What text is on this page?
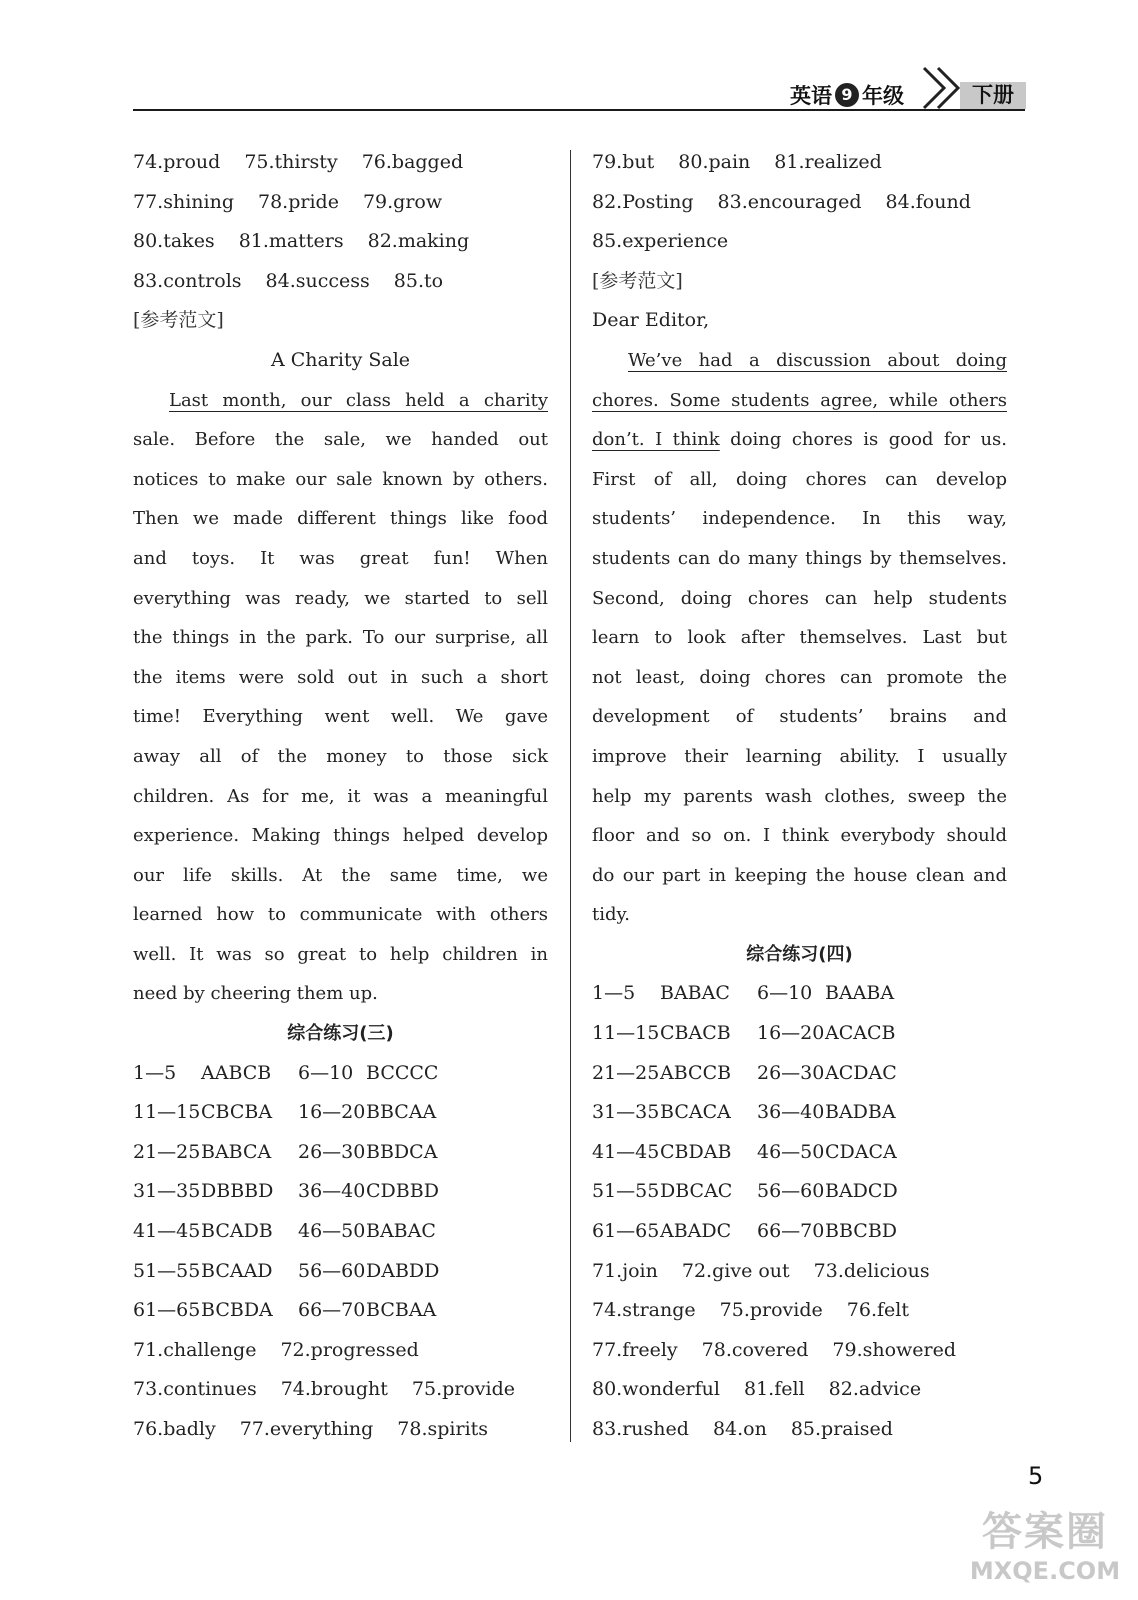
英语 9 年级	下册
74.proud 75.thirsty 76.bagged
77.shining 78.pride 79.grow
80.takes 81.matters 82.making
83.controls 84.success 85.to
[参考范文]
A Charity Sale

Last month, our class held a charity

sale. Before the sale, we handed out

notices to make our sale known by others.

Then we made different things like food

and toys. It was great fun! When

everything was ready, we started to sell

the things in the park. To our surprise, all

the items were sold out in such a short

time! Everything went well. We gave

away all of the money to those sick

children. As for me, it was a meaningful

experience. Making things helped develop

our life skills. At the same time, we

learned how to communicate with others

well. It was so great to help children in

need by cheering them up.

综合练习(三)
1—5	AABCB	6—10 BCCCC
11—15 CBCBA	16—20 BBCAA
21—25 BABCA	26—30 BBDCA
31—35 DBBBD	36—40 CDBBD
41—45 BCADB	46—50 BABAC
51—55 BCAAD	56—60 DABDD
61—65 BCBDA	66—70 BCBAA
71.challenge 72.progressed
73.continues 74.brought 75.provide
76.badly 77.everything 78.spirits
79.but 80.pain 81.realized
82.Posting 83.encouraged 84.found
85.experience
[参考范文]
Dear Editor,

We’ve had a discussion about doing

chores. Some students agree, while others

don’t. I think doing chores is good for us.

First of all, doing chores can develop

students’ independence. In this way,

students can do many things by themselves.

Second, doing chores can help students

learn to look after themselves. Last but

not least, doing chores can promote the

development of students’ brains and

improve their learning ability. I usually

help my parents wash clothes, sweep the

floor and so on. I think everybody should

do our part in keeping the house clean and

tidy.

综合练习(四)
1—5	BABAC	6—10 BAABA
11—15 CBACB	16—20 ACACB
21—25 ABCCB	26—30 ACDAC
31—35 BCACA	36—40 BADBA
41—45 CBDAB	46—50 CDACA
51—55 DBCAC	56—60 BADCD
61—65 ABADC	66—70 BBCBD
71.join 72.give out 73.delicious
74.strange 75.provide 76.felt
77.freely 78.covered 79.showered
80.wonderful 81.fell 82.advice
83.rushed 84.on 85.praised
5
答案圈
MXQE.COM
